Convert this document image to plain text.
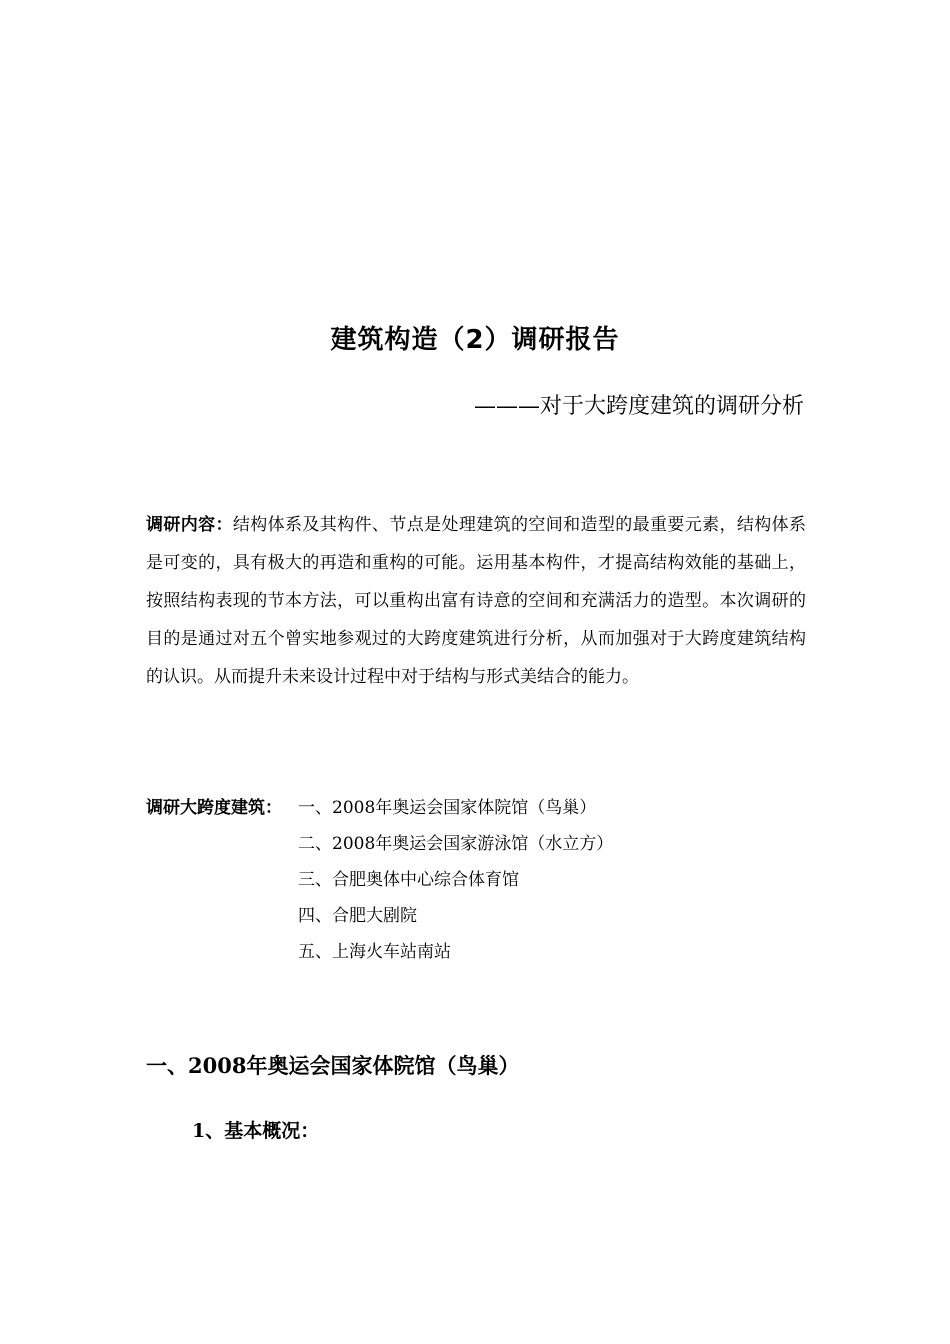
建筑构造（2）调研报告
———对于大跨度建筑的调研分析
调研内容：结构体系及其构件、节点是处理建筑的空间和造型的最重要元素，结构体系是可变的，具有极大的再造和重构的可能。运用基本构件，才提高结构效能的基础上，按照结构表现的节本方法，可以重构出富有诗意的空间和充满活力的造型。本次调研的目的是通过对五个曾实地参观过的大跨度建筑进行分析，从而加强对于大跨度建筑结构的认识。从而提升未来设计过程中对于结构与形式美结合的能力。
调研大跨度建筑： 一、2008年奥运会国家体院馆（鸟巢）
二、2008年奥运会国家游泳馆（水立方）
三、合肥奥体中心综合体育馆
四、合肥大剧院
五、上海火车站南站
一、2008年奥运会国家体院馆（鸟巢）
1、基本概况：
